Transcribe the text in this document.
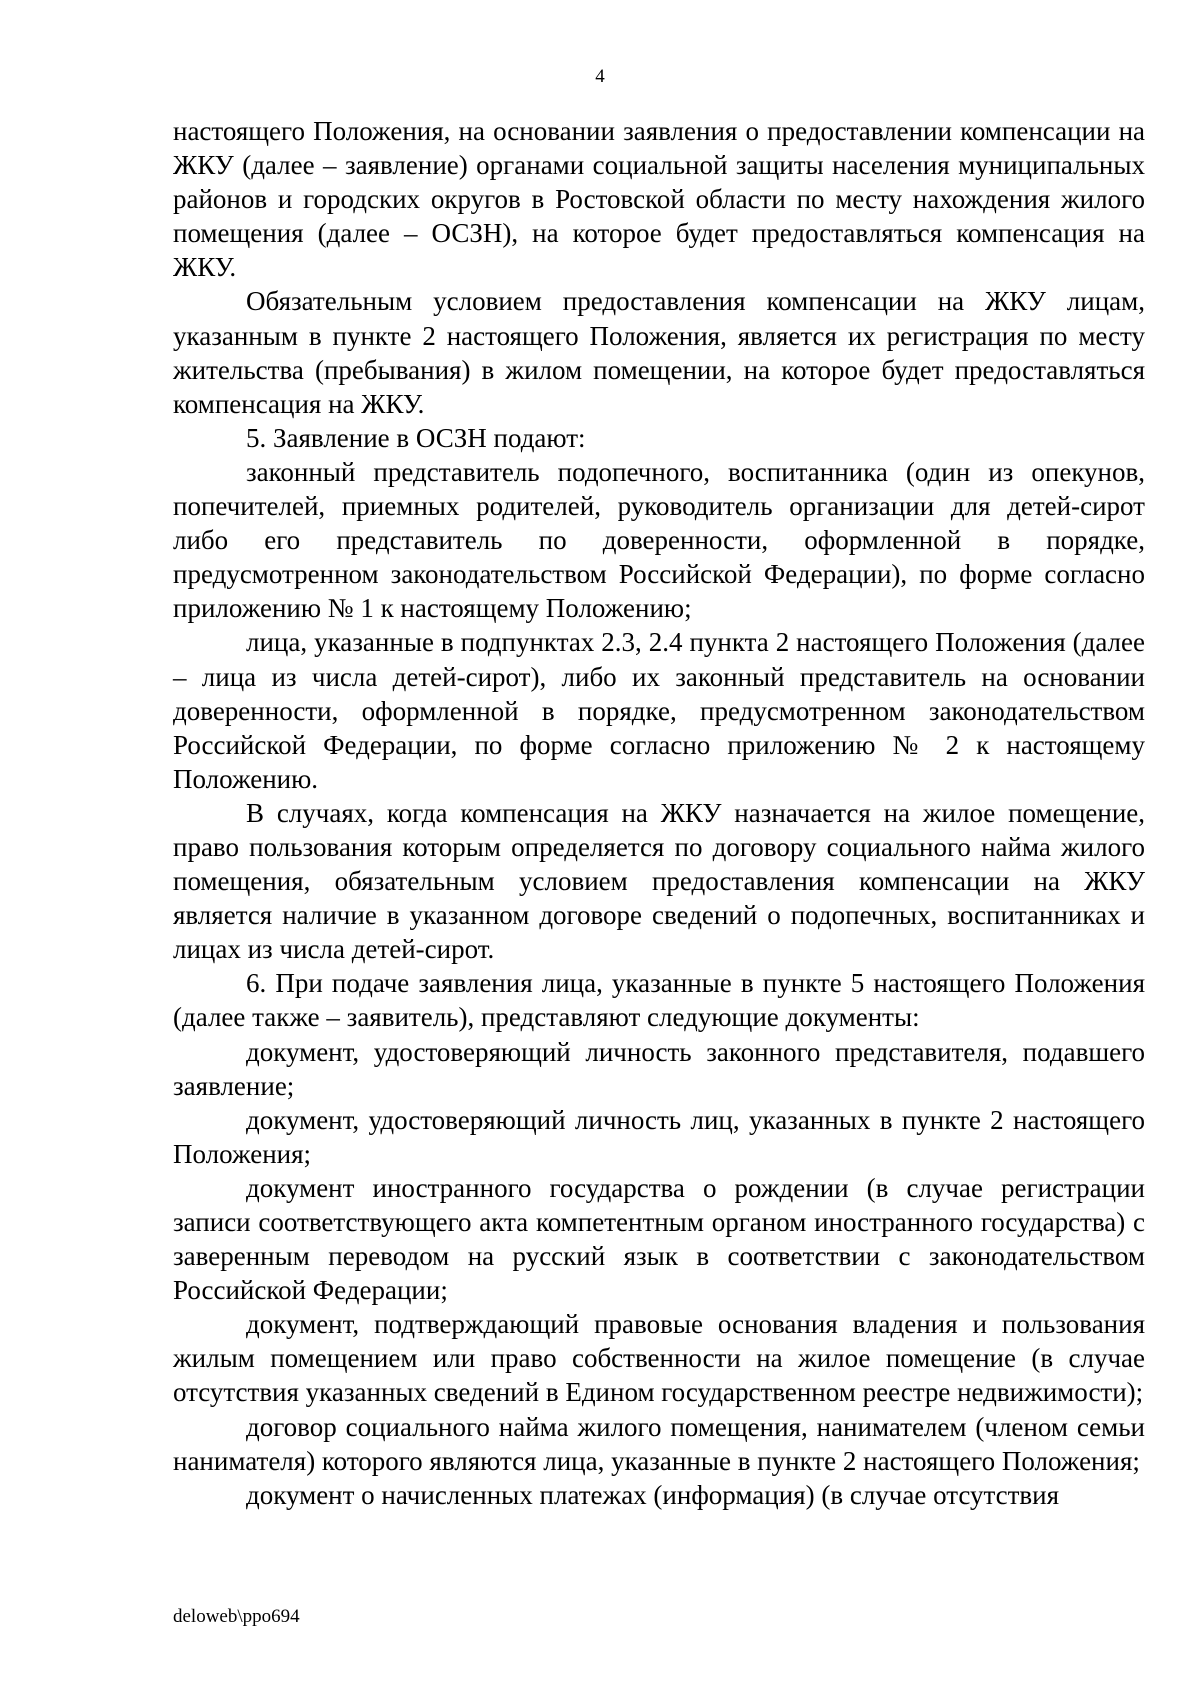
4

настоящего Положения, на основании заявления о предоставлении компенсации на ЖКУ (далее – заявление) органами социальной защиты населения муниципальных районов и городских округов в Ростовской области по месту нахождения жилого помещения (далее – ОСЗН), на которое будет предоставляться компенсация на ЖКУ.

Обязательным условием предоставления компенсации на ЖКУ лицам, указанным в пункте 2 настоящего Положения, является их регистрация по месту жительства (пребывания) в жилом помещении, на которое будет предоставляться компенсация на ЖКУ.

5. Заявление в ОСЗН подают:

законный представитель подопечного, воспитанника (один из опекунов, попечителей, приемных родителей, руководитель организации для детей-сирот либо его представитель по доверенности, оформленной в порядке, предусмотренном законодательством Российской Федерации), по форме согласно приложению № 1 к настоящему Положению;

лица, указанные в подпунктах 2.3, 2.4 пункта 2 настоящего Положения (далее – лица из числа детей-сирот), либо их законный представитель на основании доверенности, оформленной в порядке, предусмотренном законодательством Российской Федерации, по форме согласно приложению № 2 к настоящему Положению.

В случаях, когда компенсация на ЖКУ назначается на жилое помещение, право пользования которым определяется по договору социального найма жилого помещения, обязательным условием предоставления компенсации на ЖКУ является наличие в указанном договоре сведений о подопечных, воспитанниках и лицах из числа детей-сирот.

6. При подаче заявления лица, указанные в пункте 5 настоящего Положения (далее также – заявитель), представляют следующие документы:

документ, удостоверяющий личность законного представителя, подавшего заявление;

документ, удостоверяющий личность лиц, указанных в пункте 2 настоящего Положения;

документ иностранного государства о рождении (в случае регистрации записи соответствующего акта компетентным органом иностранного государства) с заверенным переводом на русский язык в соответствии с законодательством Российской Федерации;

документ, подтверждающий правовые основания владения и пользования жилым помещением или право собственности на жилое помещение (в случае отсутствия указанных сведений в Едином государственном реестре недвижимости);

договор социального найма жилого помещения, нанимателем (членом семьи нанимателя) которого являются лица, указанные в пункте 2 настоящего Положения;

документ о начисленных платежах (информация) (в случае отсутствия

deloweb\ppo694
